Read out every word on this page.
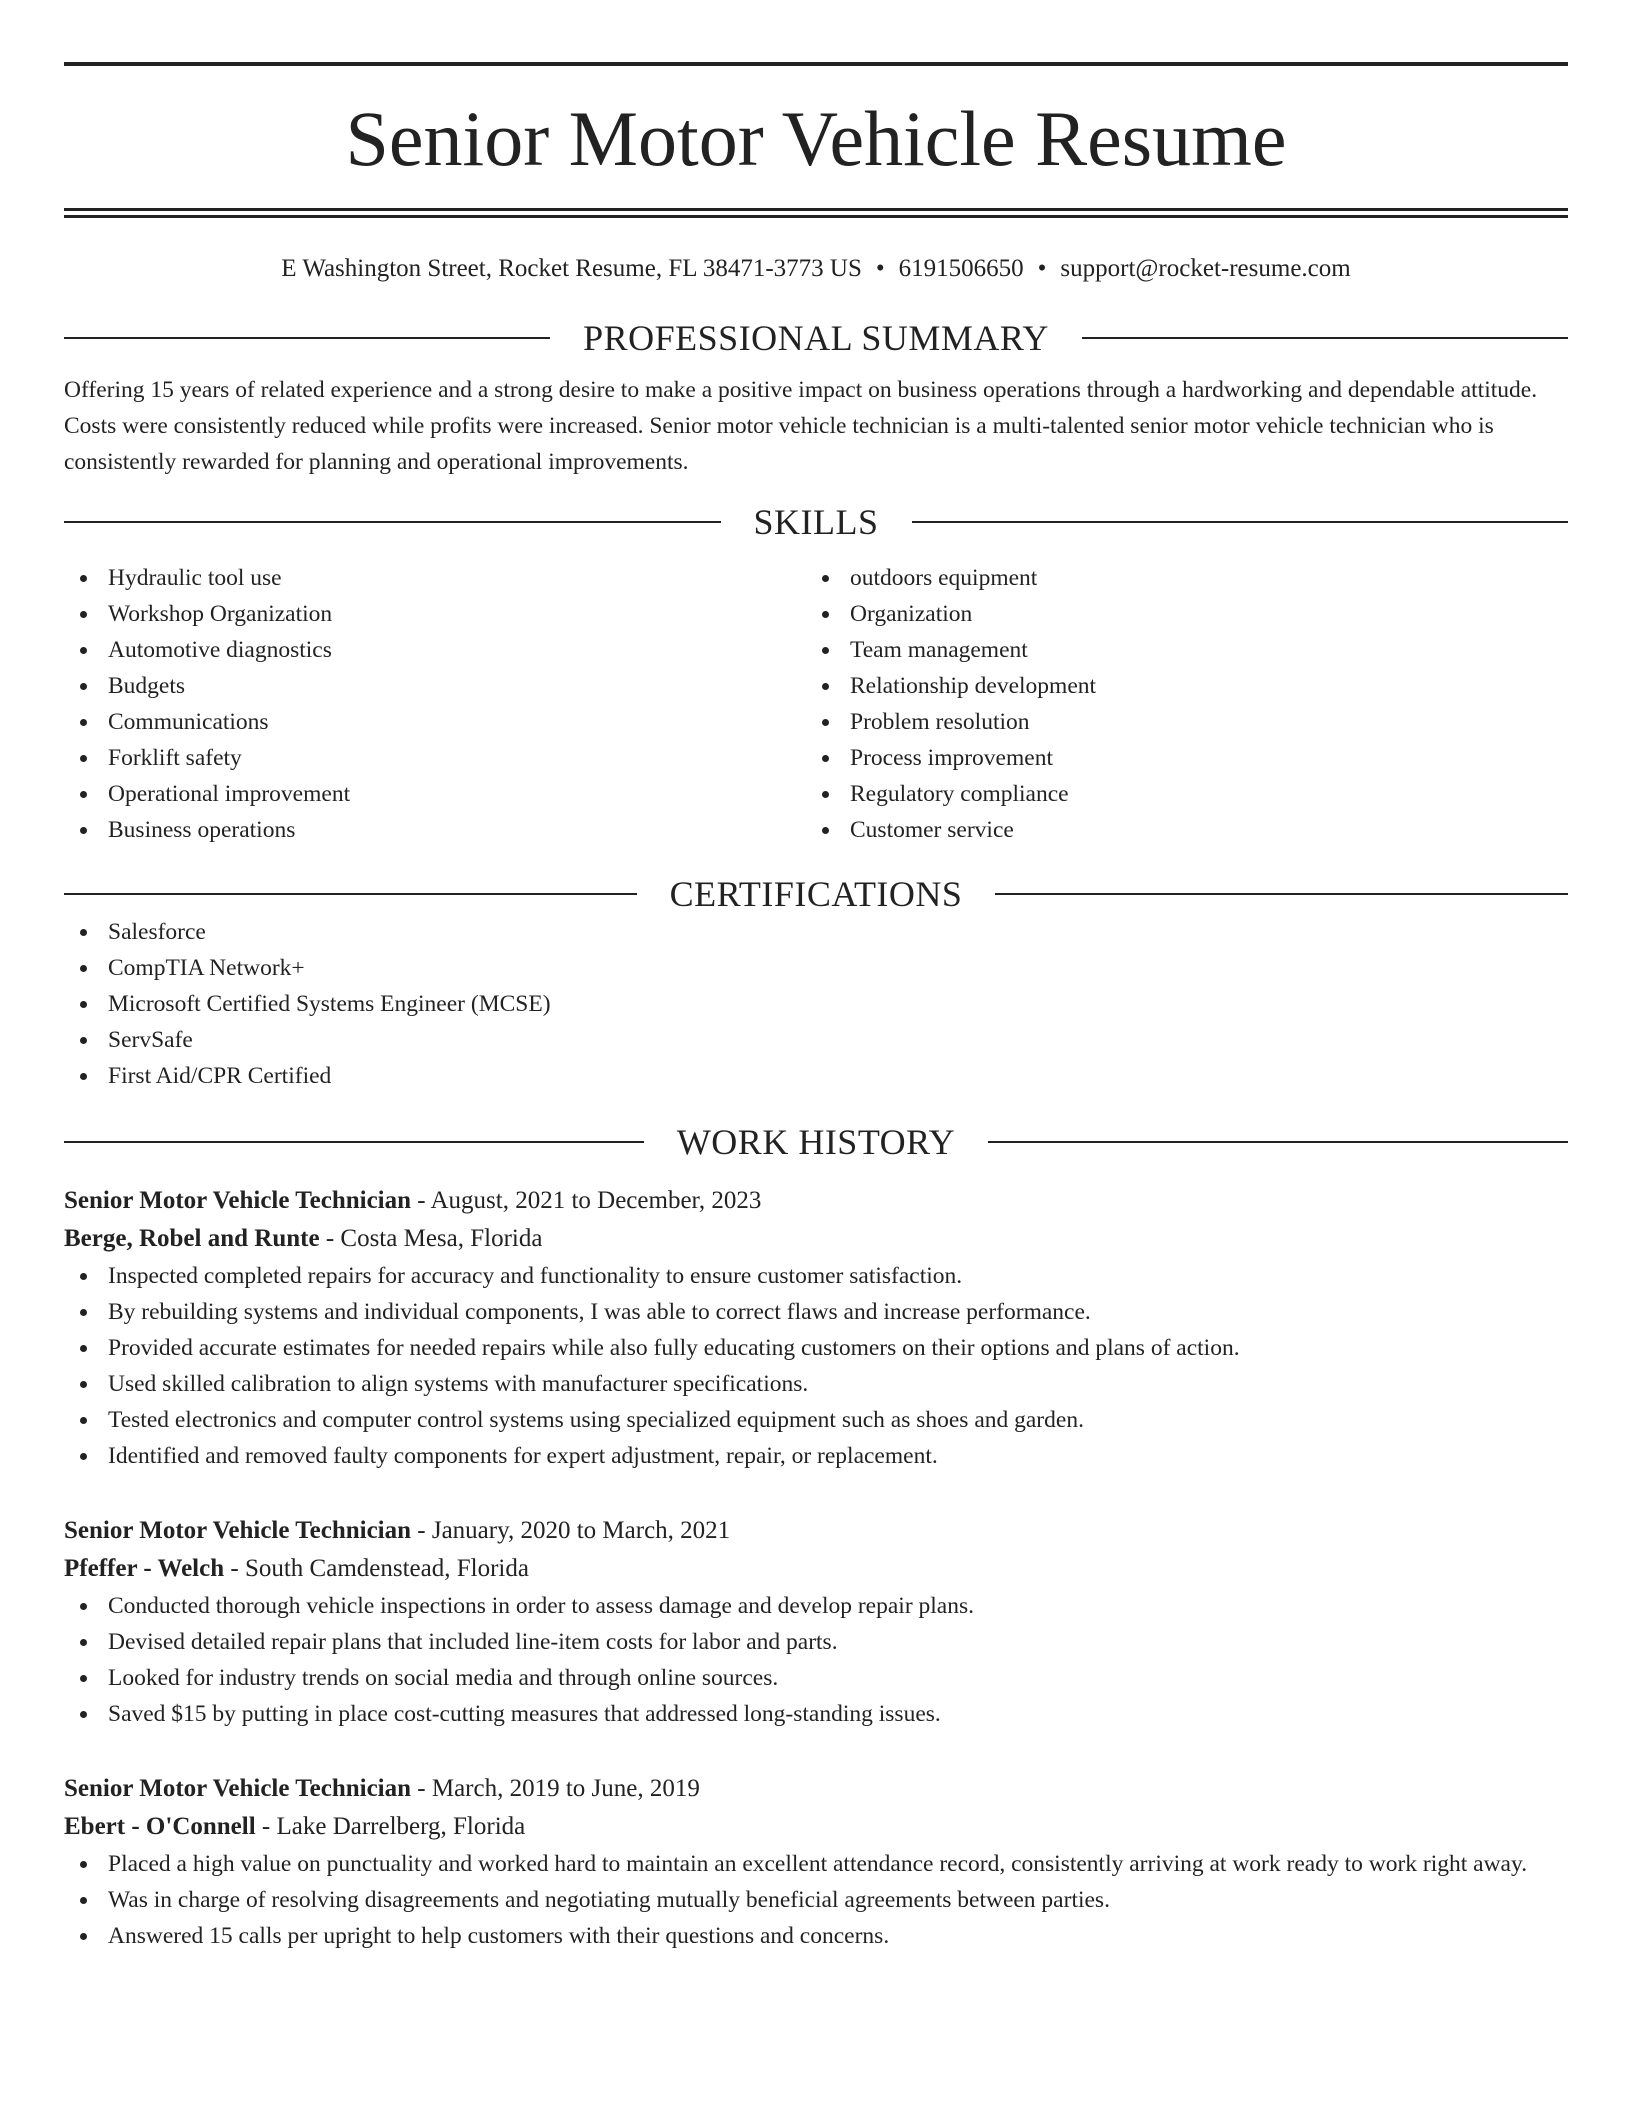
Senior Motor Vehicle Resume
E Washington Street, Rocket Resume, FL 38471-3773 US • 6191506650 • support@rocket-resume.com
PROFESSIONAL SUMMARY

Offering 15 years of related experience and a strong desire to make a positive impact on business operations through a hardworking and dependable attitude. Costs were consistently reduced while profits were increased. Senior motor vehicle technician is a multi-talented senior motor vehicle technician who is consistently rewarded for planning and operational improvements.

SKILLS
Hydraulic tool use
Workshop Organization
Automotive diagnostics
Budgets
Communications
Forklift safety
Operational improvement
Business operations
outdoors equipment
Organization
Team management
Relationship development
Problem resolution
Process improvement
Regulatory compliance
Customer service
CERTIFICATIONS
Salesforce
CompTIA Network+
Microsoft Certified Systems Engineer (MCSE)
ServSafe
First Aid/CPR Certified
WORK HISTORY
Senior Motor Vehicle Technician - August, 2021 to December, 2023
Berge, Robel and Runte - Costa Mesa, Florida
Inspected completed repairs for accuracy and functionality to ensure customer satisfaction.
By rebuilding systems and individual components, I was able to correct flaws and increase performance.
Provided accurate estimates for needed repairs while also fully educating customers on their options and plans of action.
Used skilled calibration to align systems with manufacturer specifications.
Tested electronics and computer control systems using specialized equipment such as shoes and garden.
Identified and removed faulty components for expert adjustment, repair, or replacement.
Senior Motor Vehicle Technician - January, 2020 to March, 2021
Pfeffer - Welch - South Camdenstead, Florida
Conducted thorough vehicle inspections in order to assess damage and develop repair plans.
Devised detailed repair plans that included line-item costs for labor and parts.
Looked for industry trends on social media and through online sources.
Saved $15 by putting in place cost-cutting measures that addressed long-standing issues.
Senior Motor Vehicle Technician - March, 2019 to June, 2019
Ebert - O'Connell - Lake Darrelberg, Florida
Placed a high value on punctuality and worked hard to maintain an excellent attendance record, consistently arriving at work ready to work right away.
Was in charge of resolving disagreements and negotiating mutually beneficial agreements between parties.
Answered 15 calls per upright to help customers with their questions and concerns.
